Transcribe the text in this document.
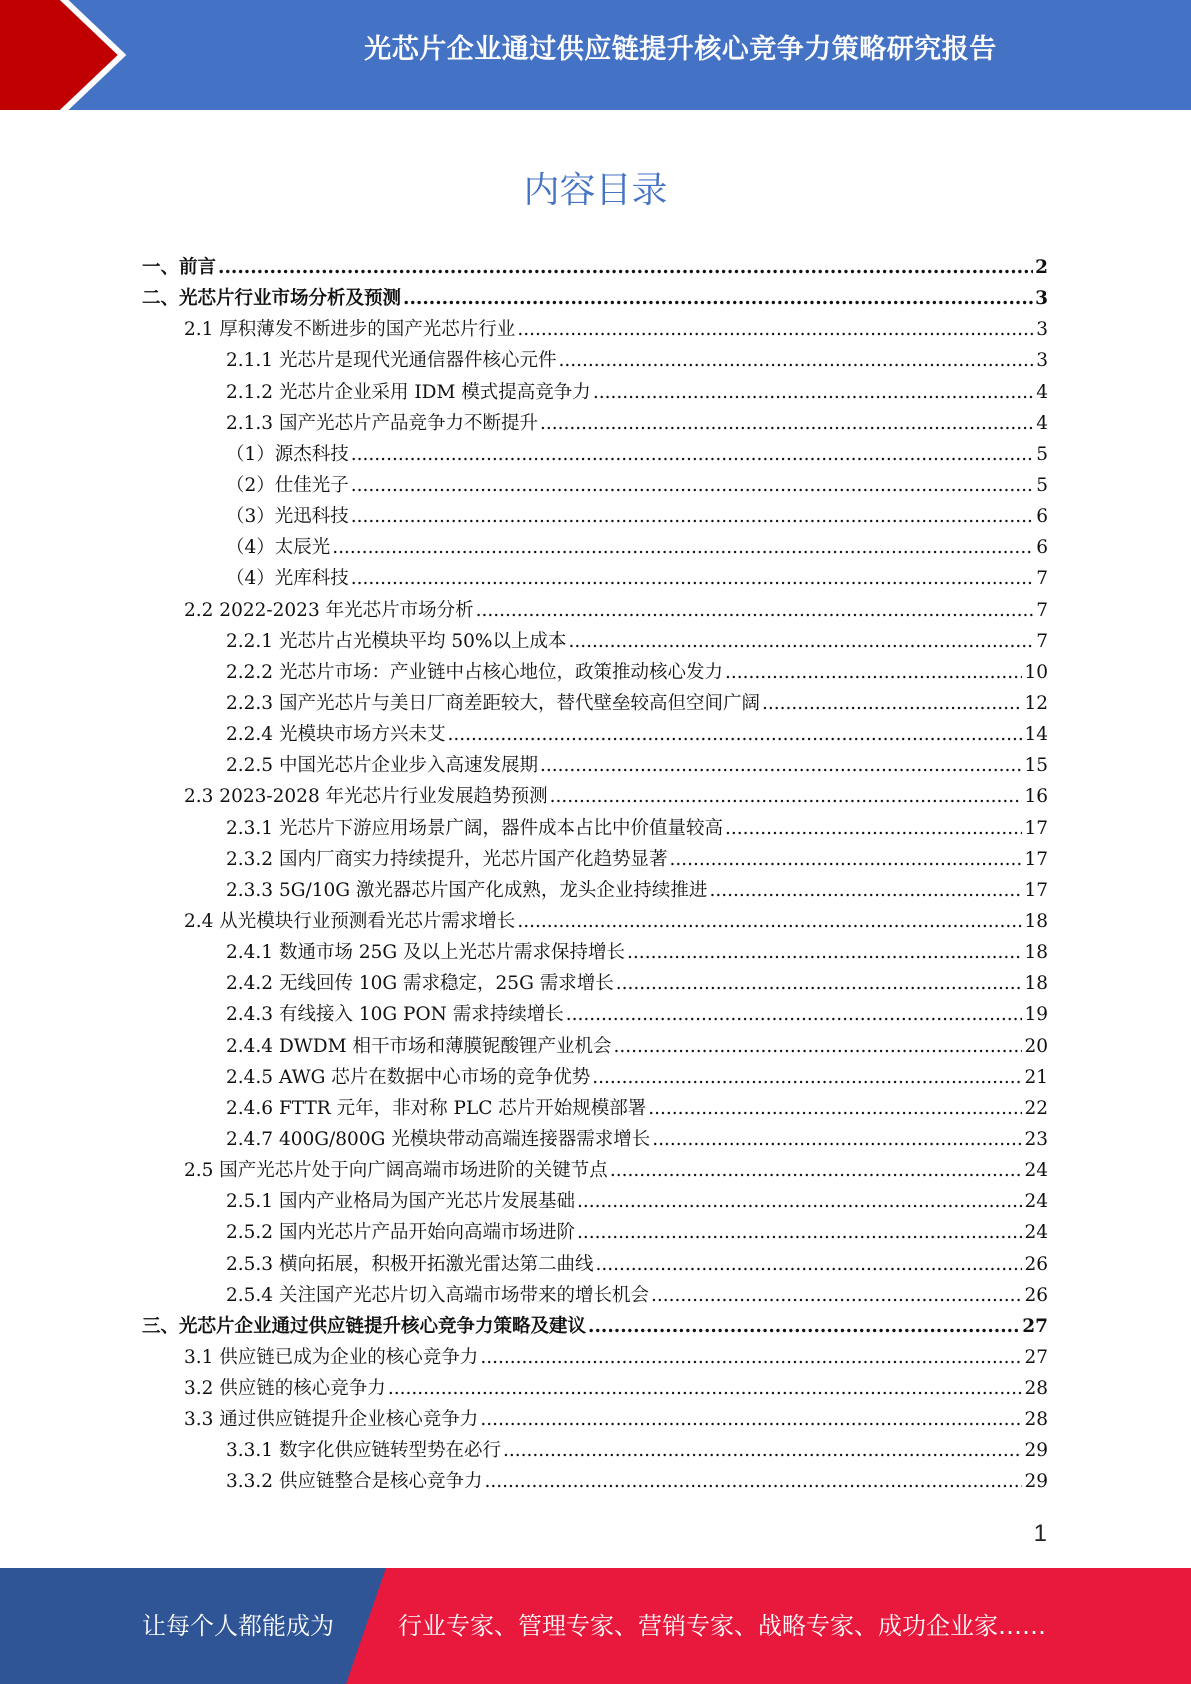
光芯片企业通过供应链提升核心竞争力策略研究报告
内容目录
一、前言 .....	2
二、光芯片行业市场分析及预测 .....	3
2.1 厚积薄发不断进步的国产光芯片行业 .....	3
2.1.1 光芯片是现代光通信器件核心元件 .....	3
2.1.2 光芯片企业采用 IDM 模式提高竞争力 .....	4
2.1.3 国产光芯片产品竞争力不断提升 .....	4
（1）源杰科技 .....	5
（2）仕佳光子 .....	5
（3）光迅科技 .....	6
（4）太辰光 .....	6
（4）光库科技 .....	7
2.2 2022-2023 年光芯片市场分析 .....	7
2.2.1 光芯片占光模块平均 50%以上成本 .....	7
2.2.2 光芯片市场：产业链中占核心地位，政策推动核心发力 .....	10
2.2.3 国产光芯片与美日厂商差距较大，替代壁垒较高但空间广阔 .....	12
2.2.4 光模块市场方兴未艾 .....	14
2.2.5 中国光芯片企业步入高速发展期 .....	15
2.3 2023-2028 年光芯片行业发展趋势预测 .....	16
2.3.1 光芯片下游应用场景广阔，器件成本占比中价值量较高 .....	17
2.3.2 国内厂商实力持续提升，光芯片国产化趋势显著 .....	17
2.3.3 5G/10G 激光器芯片国产化成熟，龙头企业持续推进 .....	17
2.4 从光模块行业预测看光芯片需求增长 .....	18
2.4.1 数通市场 25G 及以上光芯片需求保持增长 .....	18
2.4.2 无线回传 10G 需求稳定，25G 需求增长 .....	18
2.4.3 有线接入 10G PON 需求持续增长 .....	19
2.4.4 DWDM 相干市场和薄膜铌酸锂产业机会 .....	20
2.4.5 AWG 芯片在数据中心市场的竞争优势 .....	21
2.4.6 FTTR 元年，非对称 PLC 芯片开始规模部署 .....	22
2.4.7 400G/800G 光模块带动高端连接器需求增长 .....	23
2.5 国产光芯片处于向广阔高端市场进阶的关键节点 .....	24
2.5.1 国内产业格局为国产光芯片发展基础 .....	24
2.5.2 国内光芯片产品开始向高端市场进阶 .....	24
2.5.3 横向拓展，积极开拓激光雷达第二曲线 .....	26
2.5.4 关注国产光芯片切入高端市场带来的增长机会 .....	26
三、光芯片企业通过供应链提升核心竞争力策略及建议 .....	27
3.1 供应链已成为企业的核心竞争力 .....	27
3.2 供应链的核心竞争力 .....	28
3.3 通过供应链提升企业核心竞争力 .....	28
3.3.1 数字化供应链转型势在必行 .....	29
3.3.2 供应链整合是核心竞争力 .....	29
1
让每个人都能成为	行业专家、管理专家、营销专家、战略专家、成功企业家……
